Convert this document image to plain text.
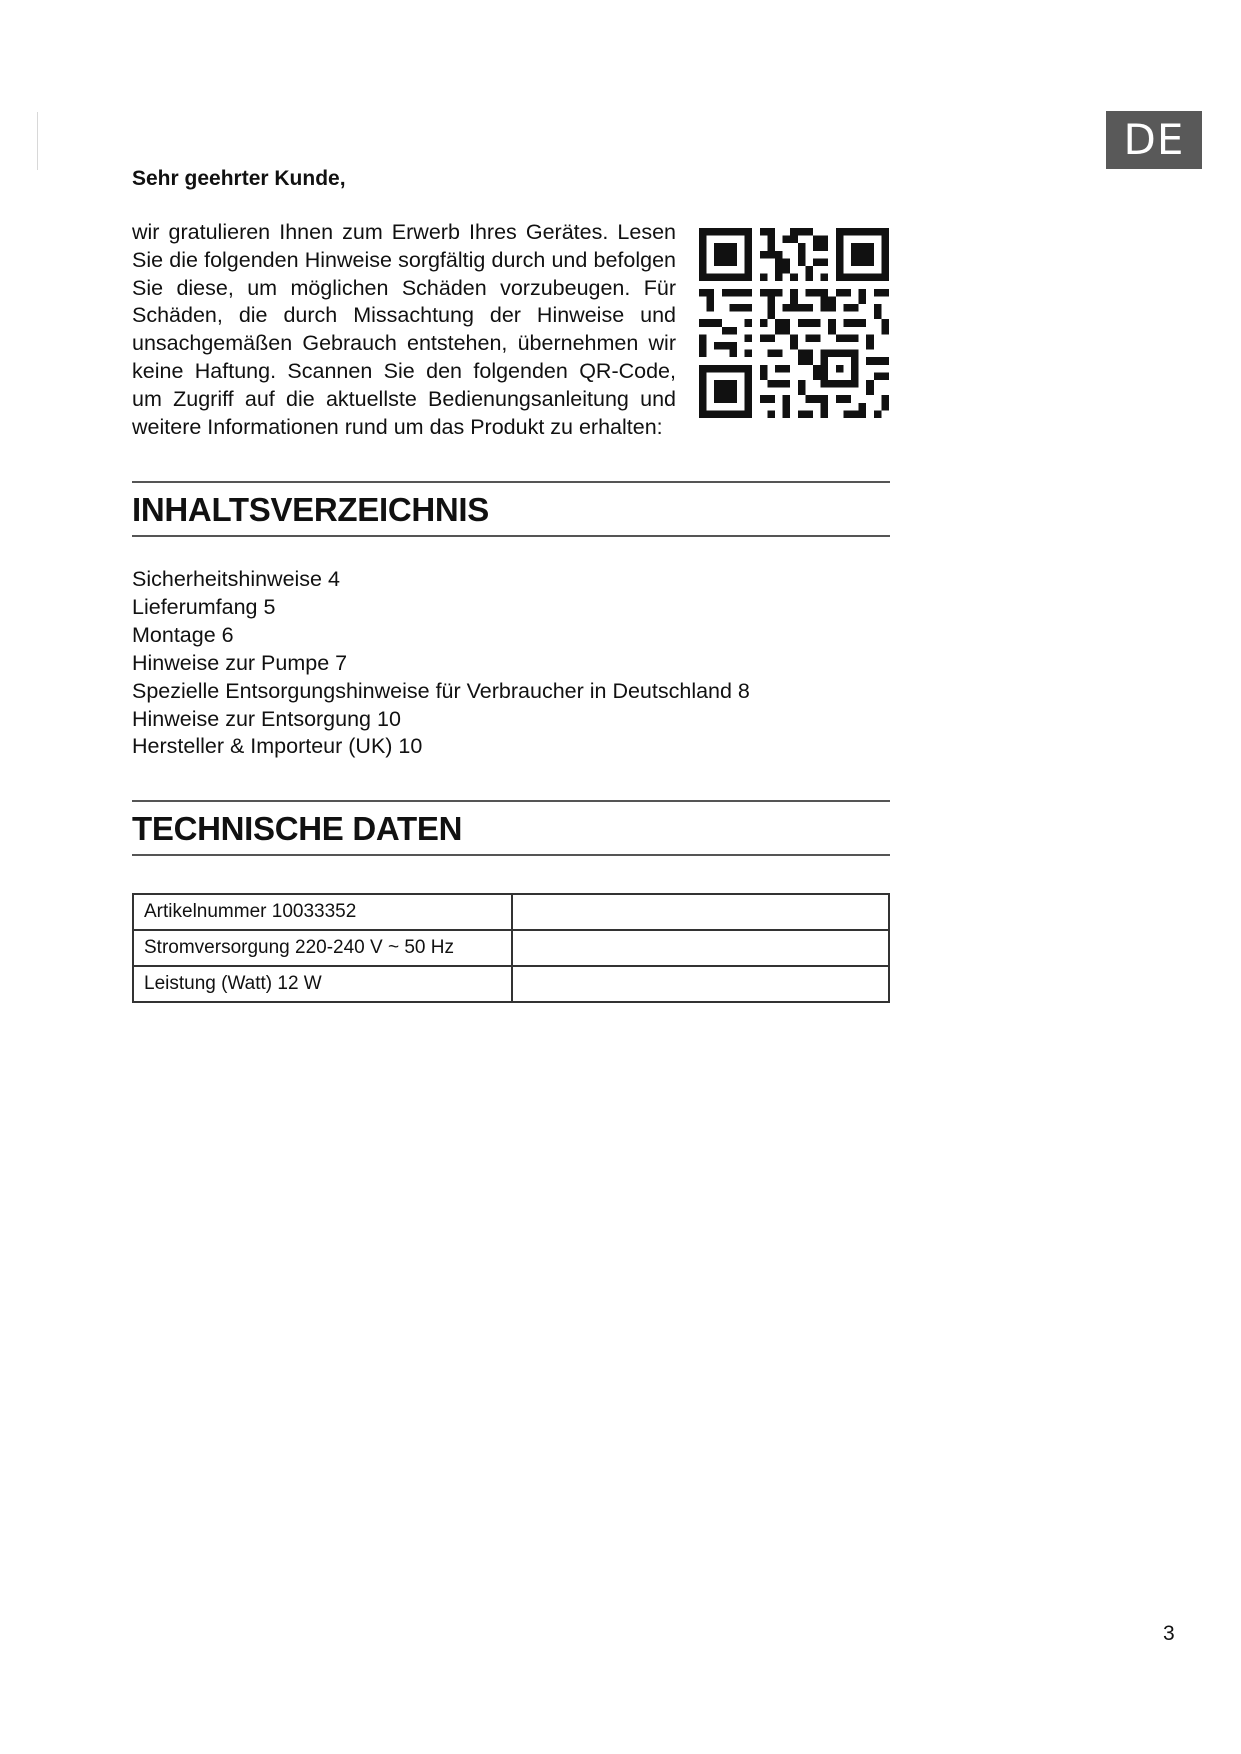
DE
Sehr geehrter Kunde,

wir gratulieren Ihnen zum Erwerb Ihres Gerätes. Lesen Sie die folgenden Hinweise sorgfältig durch und befolgen Sie diese, um möglichen Schäden vorzubeugen. Für Schäden, die durch Missachtung der Hinweise und unsachgemäßen Gebrauch entstehen, übernehmen wir keine Haftung. Scannen Sie den folgenden QR-Code, um Zugriff auf die aktuellste Bedienungsanleitung und weitere Informationen rund um das Produkt zu erhalten:

INHALTSVERZEICHNIS
Sicherheitshinweise 4
Lieferumfang 5
Montage 6
Hinweise zur Pumpe 7
Spezielle Entsorgungshinweise für Verbraucher in Deutschland 8
Hinweise zur Entsorgung 10
Hersteller & Importeur (UK) 10
TECHNISCHE DATEN
Artikelnummer 10033352	
Stromversorgung 220-240 V ~ 50 Hz	
Leistung (Watt) 12 W	
3
